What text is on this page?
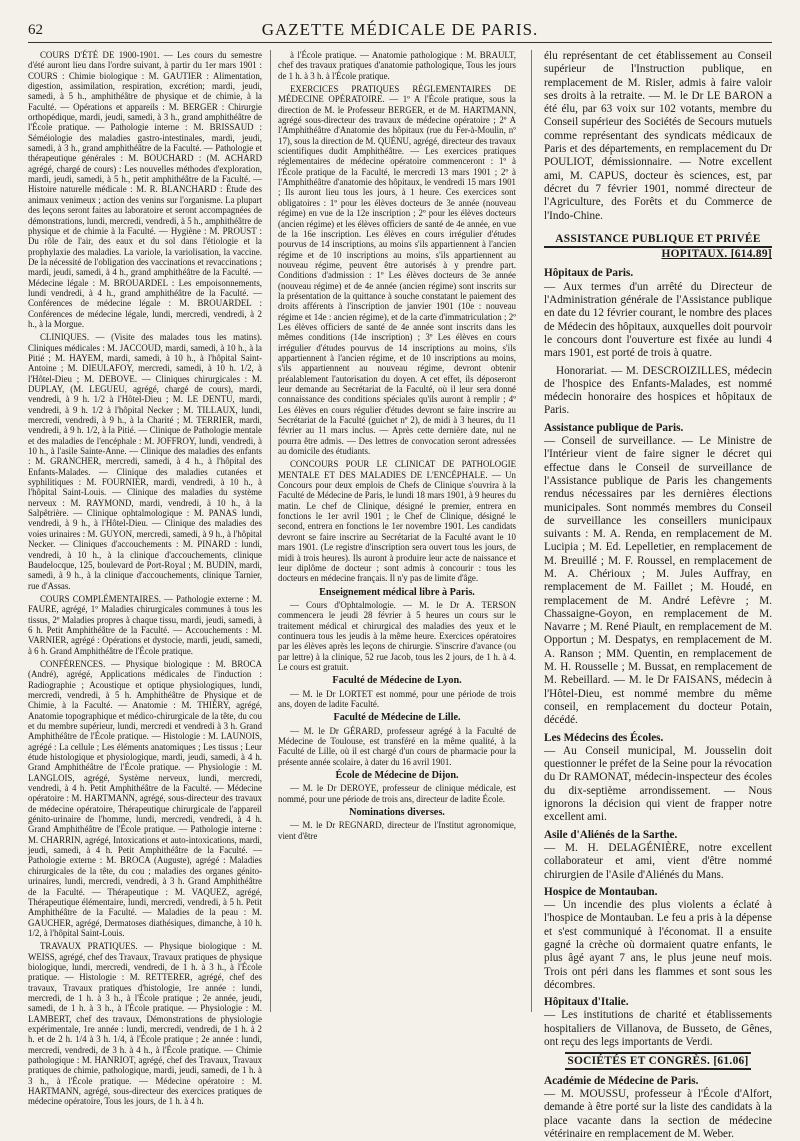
62	GAZETTE MÉDICALE DE PARIS.

COURS D'ÉTÉ DE 1900-1901. — Les cours du semestre d'été auront lieu dans l'ordre suivant, à partir du 1er mars 1901 : COURS : Chimie biologique : M. GAUTIER : Alimentation, digestion, assimilation, respiration, excrétion; mardi, jeudi, samedi, à 5 h., amphithéâtre de physique et de chimie, à la Faculté. — Opérations et appareils : M. BERGER : Chirurgie orthopédique, mardi, jeudi, samedi, à 3 h., grand amphithéâtre de l'École pratique. — Pathologie interne : M. BRISSAUD : Séméiologie des maladies gastro-intestinales, mardi, jeudi, samedi, à 3 h., grand amphithéâtre de la Faculté. — Pathologie et thérapeutique générales : M. BOUCHARD : (M. ACHARD agrégé, chargé de cours) : Les nouvelles méthodes d'exploration, mardi, jeudi, samedi, à 5 h., petit amphithéâtre de la Faculté. — Histoire naturelle médicale : M. R. BLANCHARD : Étude des animaux venimeux ; action des venins sur l'organisme. La plupart des leçons seront faites au laboratoire et seront accompagnées de démonstrations, lundi, mercredi, vendredi, à 5 h., amphithéâtre de physique et de chimie à la Faculté. — Hygiène : M. PROUST : Du rôle de l'air, des eaux et du sol dans l'étiologie et la prophylaxie des maladies. La variole, la variolisation, la vaccine. De la nécessité de l'obligation des vaccinations et revaccinations ; mardi, jeudi, samedi, à 4 h., grand amphithéâtre de la Faculté. — Médecine légale : M. BROUARDEL : Les empoisonnements, lundi vendredi, à 4 h., grand amphithéâtre de la Faculté. — Conférences de médecine légale : M. BROUARDEL : Conférences de médecine légale, lundi, mercredi, vendredi, à 2 h., à la Morgue.

CLINIQUES. — (Visite des malades tous les matins). Cliniques médicales : M. JACCOUD, mardi, samedi, à 10 h., à la Pitié ; M. HAYEM, mardi, samedi, à 10 h., à l'hôpital Saint-Antoine ; M. DIEULAFOY, mercredi, samedi, à 10 h. 1/2, à l'Hôtel-Dieu ; M. DEBOVE. — Cliniques chirurgicales : M. DUPLAY, (M. LEGUEU, agrégé, chargé de cours), mardi, vendredi, à 9 h. 1/2 à l'Hôtel-Dieu ; M. LE DENTU, mardi, vendredi, à 9 h. 1/2 à l'hôpital Necker ; M. TILLAUX, lundi, mercredi, vendredi, à 9 h., à la Charité ; M. TERRIER, mardi, vendredi, à 9 h. 1/2, à la Pitié. — Clinique de Pathologie mentale et des maladies de l'encéphale : M. JOFFROY, lundi, vendredi, à 10 h., à l'asile Sainte-Anne. — Clinique des maladies des enfants : M. GRANCHER, mercredi, samedi, à 4 h., à l'hôpital des Enfants-Malades. — Clinique des maladies cutanées et syphilitiques : M. FOURNIER, mardi, vendredi, à 10 h., à l'hôpital Saint-Louis. — Clinique des maladies du système nerveux : M. RAYMOND, mardi, vendredi, à 10 h., à la Salpêtrière. — Clinique ophtalmologique : M. PANAS lundi, vendredi, à 9 h., à l'Hôtel-Dieu. — Clinique des maladies des voies urinaires : M. GUYON, mercredi, samedi, à 9 h., à l'hôpital Necker. — Cliniques d'accouchements : M. PINARD : lundi, vendredi, à 10 h., à la clinique d'accouchements, clinique Baudelocque, 125, boulevard de Port-Royal ; M. BUDIN, mardi, samedi, à 9 h., à la clinique d'accouchements, clinique Tarnier, rue d'Assas.

COURS COMPLÉMENTAIRES. — Pathologie externe : M. FAURE, agrégé, 1º Maladies chirurgicales communes à tous les tissus, 2º Maladies propres à chaque tissu, mardi, jeudi, samedi, à 6 h. Petit Amphithéâtre de la Faculté. — Accouchements : M. VARNIER, agrégé : Opérations et dystocie, mardi, jeudi, samedi, à 6 h. Grand Amphithéâtre de l'École pratique.

CONFÉRENCES. — Physique biologique : M. BROCA (André), agrégé, Applications médicales de l'induction : Radiographie ; Acoustique et optique physiologiques, lundi, mercredi, vendredi, à 5 h. Amphithéâtre de Physique et de Chimie, à la Faculté. — Anatomie : M. THIÉRY, agrégé, Anatomie topographique et médico-chirurgicale de la tête, du cou et du membre supérieur, lundi, mercredi et vendredi à 3 h. Grand Amphithéâtre de l'École pratique. — Histologie : M. LAUNOIS, agrégé : La cellule ; Les éléments anatomiques ; Les tissus ; Leur étude histologique et physiologique, mardi, jeudi, samedi, à 4 h. Grand Amphithéâtre de l'École pratique. — Physiologie : M. LANGLOIS, agrégé, Système nerveux, lundi, mercredi, vendredi, à 4 h. Petit Amphithéâtre de la Faculté. — Médecine opératoire : M. HARTMANN, agrégé, sous-directeur des travaux de médecine opératoire, Thérapeutique chirurgicale de l'appareil génito-urinaire de l'homme, lundi, mercredi, vendredi, à 4 h. Grand Amphithéâtre de l'École pratique. — Pathologie interne : M. CHARRIN, agrégé, Intoxications et auto-intoxications, mardi, jeudi, samedi, à 4 h. Petit Amphithéâtre de la Faculté. — Pathologie externe : M. BROCA (Auguste), agrégé : Maladies chirurgicales de la tête, du cou ; maladies des organes génito-urinaires, lundi, mercredi, vendredi, à 3 h. Grand Amphithéâtre de la Faculté. — Thérapeutique : M. VAQUEZ, agrégé, Thérapeutique élémentaire, lundi, mercredi, vendredi, à 5 h. Petit Amphithéâtre de la Faculté. — Maladies de la peau : M. GAUCHER, agrégé, Dermatoses diathésiques, dimanche, à 10 h. 1/2, à l'hôpital Saint-Louis.

TRAVAUX PRATIQUES. — Physique biologique : M. WEISS, agrégé, chef des Travaux, Travaux pratiques de physique biologique, lundi, mercredi, vendredi, de 1 h. à 3 h., à l'École pratique. — Histologie : M. RETTERER, agrégé, chef des travaux, Travaux pratiques d'histologie, 1re année : lundi, mercredi, de 1 h. à 3 h., à l'École pratique ; 2e année, jeudi, samedi, de 1 h. à 3 h., à l'École pratique. — Physiologie : M. LAMBERT, chef des travaux, Démonstrations de physiologie expérimentale, 1re année : lundi, mercredi, vendredi, de 1 h. à 2 h. et de 2 h. 1/4 à 3 h. 1/4, à l'École pratique ; 2e année : lundi, mercredi, vendredi, de 3 h. à 4 h., à l'École pratique. — Chimie pathologique : M. HANRIOT, agrégé, chef des Travaux, Travaux pratiques de chimie, pathologique, mardi, jeudi, samedi, de 1 h. à 3 h., à l'École pratique. — Médecine opératoire : M. HARTMANN, agrégé, sous-directeur des exercices pratiques de médecine opératoire, Tous les jours, de 1 h. à 4 h.

à l'École pratique. — Anatomie pathologique : M. BRAULT, chef des travaux pratiques d'anatomie pathologique, Tous les jours de 1 h. à 3 h. à l'École pratique.

EXERCICES PRATIQUES RÉGLEMENTAIRES DE MÉDECINE OPÉRATOIRE. — 1º A l'École pratique, sous la direction de M. le Professeur BERGER, et de M. HARTMANN, agrégé sous-directeur des travaux de médecine opératoire ; 2º A l'Amphithéâtre d'Anatomie des hôpitaux (rue du Fer-à-Moulin, nº 17), sous la direction de M. QUÉNU, agrégé, directeur des travaux scientifiques dudit Amphithéâtre. — Les exercices pratiques réglementaires de médecine opératoire commenceront : 1º à l'École pratique de la Faculté, le mercredi 13 mars 1901 ; 2º à l'Amphithéâtre d'anatomie des hôpitaux, le vendredi 15 mars 1901 ; Ils auront lieu tous les jours, à 1 heure. Ces exercices sont obligatoires : 1º pour les élèves docteurs de 3e année (nouveau régime) en vue de la 12e inscription ; 2º pour les élèves docteurs (ancien régime) et les élèves officiers de santé de 4e année, en vue de la 16e inscription. Les élèves en cours irrégulier d'études pourvus de 14 inscriptions, au moins s'ils appartiennent à l'ancien régime et de 10 inscriptions au moins, s'ils appartiennent au nouveau régime, peuvent être autorisés à y prendre part. Conditions d'admission : 1º Les élèves docteurs de 3e année (nouveau régime) et de 4e année (ancien régime) sont inscrits sur la présentation de la quittance à souche constatant le paiement des droits afférents à l'inscription de janvier 1901 (10e : nouveau régime et 14e : ancien régime), et de la carte d'immatriculation ; 2º Les élèves officiers de santé de 4e année sont inscrits dans les mêmes conditions (14e inscription) ; 3º Les élèves en cours irrégulier d'études pourvus de 14 inscriptions au moins, s'ils appartiennent à l'ancien régime, et de 10 inscriptions au moins, s'ils appartiennent au nouveau régime, devront obtenir préalablement l'autorisation du doyen. A cet effet, ils déposeront leur demande au Secrétariat de la Faculté, où il leur sera donné connaissance des conditions spéciales qu'ils auront à remplir ; 4º Les élèves en cours régulier d'études devront se faire inscrire au Secrétariat de la Faculté (guichet nº 2), de midi à 3 heures, du 11 février au 11 mars inclus. — Après cette dernière date, nul ne pourra être admis. — Des lettres de convocation seront adressées au domicile des étudiants.

CONCOURS POUR LE CLINICAT DE PATHOLOGIE MENTALE ET DES MALADIES DE L'ENCÉPHALE. — Un Concours pour deux emplois de Chefs de Clinique s'ouvrira à la Faculté de Médecine de Paris, le lundi 18 mars 1901, à 9 heures du matin. Le chef de Clinique, désigné le premier, entrera en fonctions le 1er avril 1901 ; le Chef de Clinique, désigné le second, entrera en fonctions le 1er novembre 1901. Les candidats devront se faire inscrire au Secrétariat de la Faculté avant le 10 mars 1901. (Le registre d'inscription sera ouvert tous les jours, de midi à trois heures). Ils auront à produire leur acte de naissance et leur diplôme de docteur ; sont admis à concourir : tous les docteurs en médecine français. Il n'y pas de limite d'âge.

Enseignement médical libre à Paris.

— Cours d'Ophtalmologie. — M. le Dr A. TERSON commencera le jeudi 28 février à 5 heures un cours sur le traitement médical et chirurgical des maladies des yeux et le continuera tous les jeudis à la même heure. Exercices opératoires par les élèves après les leçons de chirurgie. S'inscrire d'avance (ou par lettre) à la clinique, 52 rue Jacob, tous les 2 jours, de 1 h. à 4. Le cours est gratuit.

Faculté de Médecine de Lyon.

— M. le Dr LORTET est nommé, pour une période de trois ans, doyen de ladite Faculté.

Faculté de Médecine de Lille.

— M. le Dr GÉRARD, professeur agrégé à la Faculté de Médecine de Toulouse, est transféré en la même qualité, à la Faculté de Lille, où il est chargé d'un cours de pharmacie pour la présente année scolaire, à dater du 16 avril 1901.

École de Médecine de Dijon.

— M. le Dr DEROYE, professeur de clinique médicale, est nommé, pour une période de trois ans, directeur de ladite École.

Nominations diverses.

— M. le Dr REGNARD, directeur de l'Institut agronomique, vient d'être

élu représentant de cet établissement au Conseil supérieur de l'Instruction publique, en remplacement de M. Risler, admis à faire valoir ses droits à la retraite. — M. le Dr LE BARON a été élu, par 63 voix sur 102 votants, membre du Conseil supérieur des Sociétés de Secours mutuels comme représentant des syndicats médicaux de Paris et des départements, en remplacement du Dr POULIOT, démissionnaire. — Notre excellent ami, M. CAPUS, docteur ès sciences, est, par décret du 7 février 1901, nommé directeur de l'Agriculture, des Forêts et du Commerce de l'Indo-Chine.

ASSISTANCE PUBLIQUE ET PRIVÉE
HOPITAUX. [614.89]
Hôpitaux de Paris.

— Aux termes d'un arrêté du Directeur de l'Administration générale de l'Assistance publique en date du 12 février courant, le nombre des places de Médecin des hôpitaux, auxquelles doit pourvoir le concours dont l'ouverture est fixée au lundi 4 mars 1901, est porté de trois à quatre.

Honorariat. — M. DESCROIZILLES, médecin de l'hospice des Enfants-Malades, est nommé médecin honoraire des hospices et hôpitaux de Paris.

Assistance publique de Paris.

— Conseil de surveillance. — Le Ministre de l'Intérieur vient de faire signer le décret qui effectue dans le Conseil de surveillance de l'Assistance publique de Paris les changements rendus nécessaires par les dernières élections municipales. Sont nommés membres du Conseil de surveillance les conseillers municipaux suivants : M. A. Renda, en remplacement de M. Lucipia ; M. Ed. Lepelletier, en remplacement de M. Breuillé ; M. F. Roussel, en remplacement de M. A. Chérioux ; M. Jules Auffray, en remplacement de M. Faillet ; M. Houdé, en remplacement de M. André Lefèvre ; M. Chassaigne-Goyon, en remplacement de M. Navarre ; M. René Piault, en remplacement de M. Opportun ; M. Despatys, en remplacement de M. A. Ranson ; MM. Quentin, en remplacement de M. H. Rousselle ; M. Bussat, en remplacement de M. Rebeillard. — M. le Dr FAISANS, médecin à l'Hôtel-Dieu, est nommé membre du même conseil, en remplacement du docteur Potain, décédé.

Les Médecins des Écoles.

— Au Conseil municipal, M. Jousselin doit questionner le préfet de la Seine pour la révocation du Dr RAMONAT, médecin-inspecteur des écoles du dix-septième arrondissement. — Nous ignorons la décision qui vient de frapper notre excellent ami.

Asile d'Aliénés de la Sarthe.

— M. H. DELAGÉNIÈRE, notre excellent collaborateur et ami, vient d'être nommé chirurgien de l'Asile d'Aliénés du Mans.

Hospice de Montauban.

— Un incendie des plus violents a éclaté à l'hospice de Montauban. Le feu a pris à la dépense et s'est communiqué à l'économat. Il a ensuite gagné la crèche où dormaient quatre enfants, le plus âgé ayant 7 ans, le plus jeune neuf mois. Trois ont péri dans les flammes et sont sous les décombres.

Hôpitaux d'Italie.

— Les institutions de charité et établissements hospitaliers de Villanova, de Busseto, de Gênes, ont reçu des legs importants de Verdi.

SOCIÉTÉS ET CONGRÈS. [61.06]
Académie de Médecine de Paris.

— M. MOUSSU, professeur à l'École d'Alfort, demande à être porté sur la liste des candidats à la place vacante dans la section de médecine vétérinaire en remplacement de M. Weber.
